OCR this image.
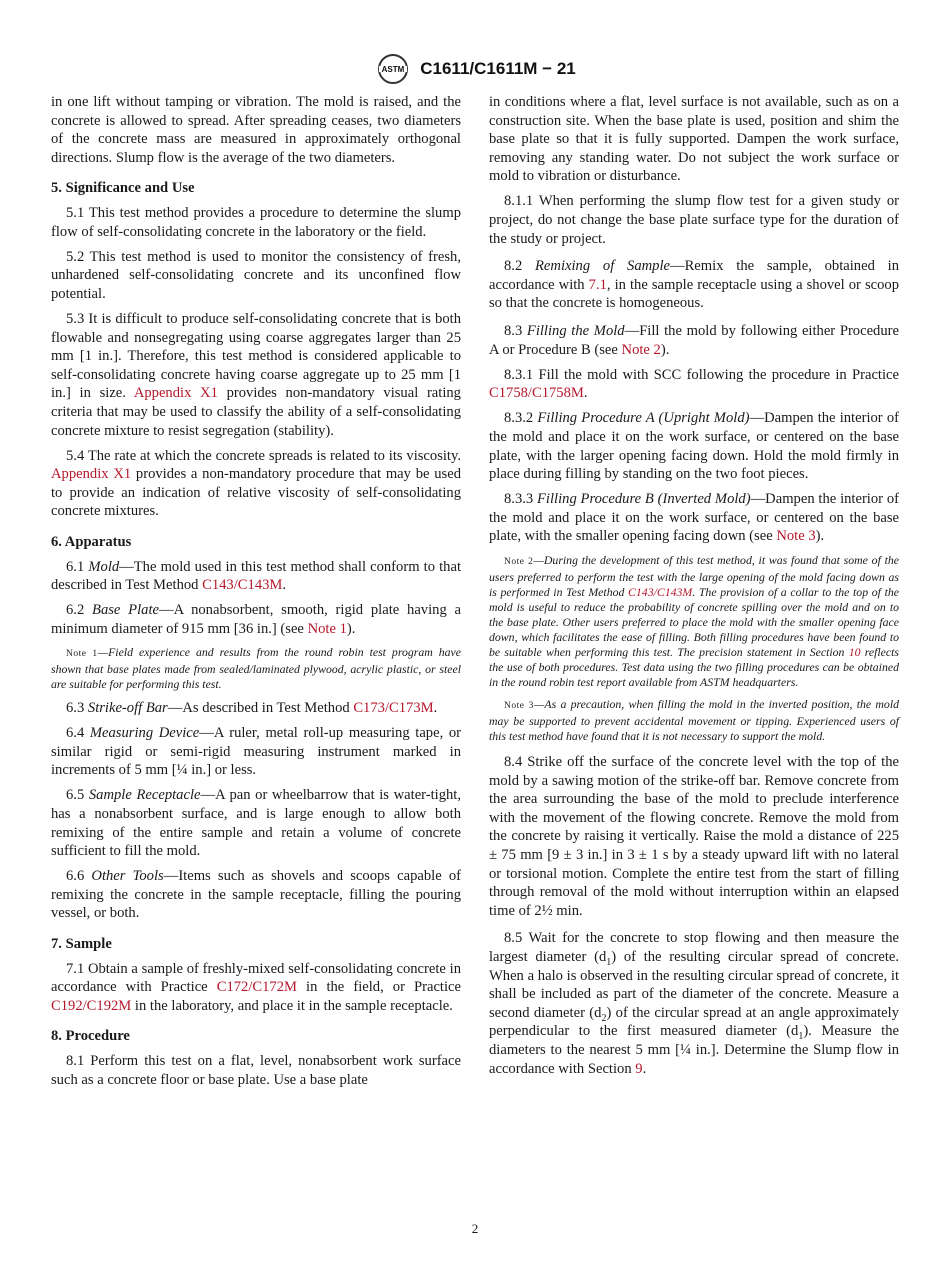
ASTM C1611/C1611M − 21

in one lift without tamping or vibration. The mold is raised, and the concrete is allowed to spread. After spreading ceases, two diameters of the concrete mass are measured in approximately orthogonal directions. Slump flow is the average of the two diameters.

5. Significance and Use

5.1 This test method provides a procedure to determine the slump flow of self-consolidating concrete in the laboratory or the field.

5.2 This test method is used to monitor the consistency of fresh, unhardened self-consolidating concrete and its unconfined flow potential.

5.3 It is difficult to produce self-consolidating concrete that is both flowable and nonsegregating using coarse aggregates larger than 25 mm [1 in.]. Therefore, this test method is considered applicable to self-consolidating concrete having coarse aggregate up to 25 mm [1 in.] in size. Appendix X1 provides non-mandatory visual rating criteria that may be used to classify the ability of a self-consolidating concrete mixture to resist segregation (stability).

5.4 The rate at which the concrete spreads is related to its viscosity. Appendix X1 provides a non-mandatory procedure that may be used to provide an indication of relative viscosity of self-consolidating concrete mixtures.

6. Apparatus

6.1 Mold—The mold used in this test method shall conform to that described in Test Method C143/C143M.

6.2 Base Plate—A nonabsorbent, smooth, rigid plate having a minimum diameter of 915 mm [36 in.] (see Note 1).

Note 1—Field experience and results from the round robin test program have shown that base plates made from sealed/laminated plywood, acrylic plastic, or steel are suitable for performing this test.

6.3 Strike-off Bar—As described in Test Method C173/C173M.

6.4 Measuring Device—A ruler, metal roll-up measuring tape, or similar rigid or semi-rigid measuring instrument marked in increments of 5 mm [¼ in.] or less.

6.5 Sample Receptacle—A pan or wheelbarrow that is water-tight, has a nonabsorbent surface, and is large enough to allow both remixing of the entire sample and retain a volume of concrete sufficient to fill the mold.

6.6 Other Tools—Items such as shovels and scoops capable of remixing the concrete in the sample receptacle, filling the pouring vessel, or both.

7. Sample

7.1 Obtain a sample of freshly-mixed self-consolidating concrete in accordance with Practice C172/C172M in the field, or Practice C192/C192M in the laboratory, and place it in the sample receptacle.

8. Procedure

8.1 Perform this test on a flat, level, nonabsorbent work surface such as a concrete floor or base plate. Use a base plate

in conditions where a flat, level surface is not available, such as on a construction site. When the base plate is used, position and shim the base plate so that it is fully supported. Dampen the work surface, removing any standing water. Do not subject the work surface or mold to vibration or disturbance.

8.1.1 When performing the slump flow test for a given study or project, do not change the base plate surface type for the duration of the study or project.

8.2 Remixing of Sample—Remix the sample, obtained in accordance with 7.1, in the sample receptacle using a shovel or scoop so that the concrete is homogeneous.

8.3 Filling the Mold—Fill the mold by following either Procedure A or Procedure B (see Note 2).

8.3.1 Fill the mold with SCC following the procedure in Practice C1758/C1758M.

8.3.2 Filling Procedure A (Upright Mold)—Dampen the interior of the mold and place it on the work surface, or centered on the base plate, with the larger opening facing down. Hold the mold firmly in place during filling by standing on the two foot pieces.

8.3.3 Filling Procedure B (Inverted Mold)—Dampen the interior of the mold and place it on the work surface, or centered on the base plate, with the smaller opening facing down (see Note 3).

Note 2—During the development of this test method, it was found that some of the users preferred to perform the test with the large opening of the mold facing down as is performed in Test Method C143/C143M. The provision of a collar to the top of the mold is useful to reduce the probability of concrete spilling over the mold and on to the base plate. Other users preferred to place the mold with the smaller opening face down, which facilitates the ease of filling. Both filling procedures have been found to be suitable when performing this test. The precision statement in Section 10 reflects the use of both procedures. Test data using the two filling procedures can be obtained in the round robin test report available from ASTM headquarters.

Note 3—As a precaution, when filling the mold in the inverted position, the mold may be supported to prevent accidental movement or tipping. Experienced users of this test method have found that it is not necessary to support the mold.

8.4 Strike off the surface of the concrete level with the top of the mold by a sawing motion of the strike-off bar. Remove concrete from the area surrounding the base of the mold to preclude interference with the movement of the flowing concrete. Remove the mold from the concrete by raising it vertically. Raise the mold a distance of 225 ± 75 mm [9 ± 3 in.] in 3 ± 1 s by a steady upward lift with no lateral or torsional motion. Complete the entire test from the start of filling through removal of the mold without interruption within an elapsed time of 2½ min.

8.5 Wait for the concrete to stop flowing and then measure the largest diameter $(d_1)$ of the resulting circular spread of concrete. When a halo is observed in the resulting circular spread of concrete, it shall be included as part of the diameter of the concrete. Measure a second diameter $(d_2)$ of the circular spread at an angle approximately perpendicular to the first measured diameter $(d_1)$. Measure the diameters to the nearest 5 mm [¼ in.]. Determine the Slump flow in accordance with Section 9.

2
